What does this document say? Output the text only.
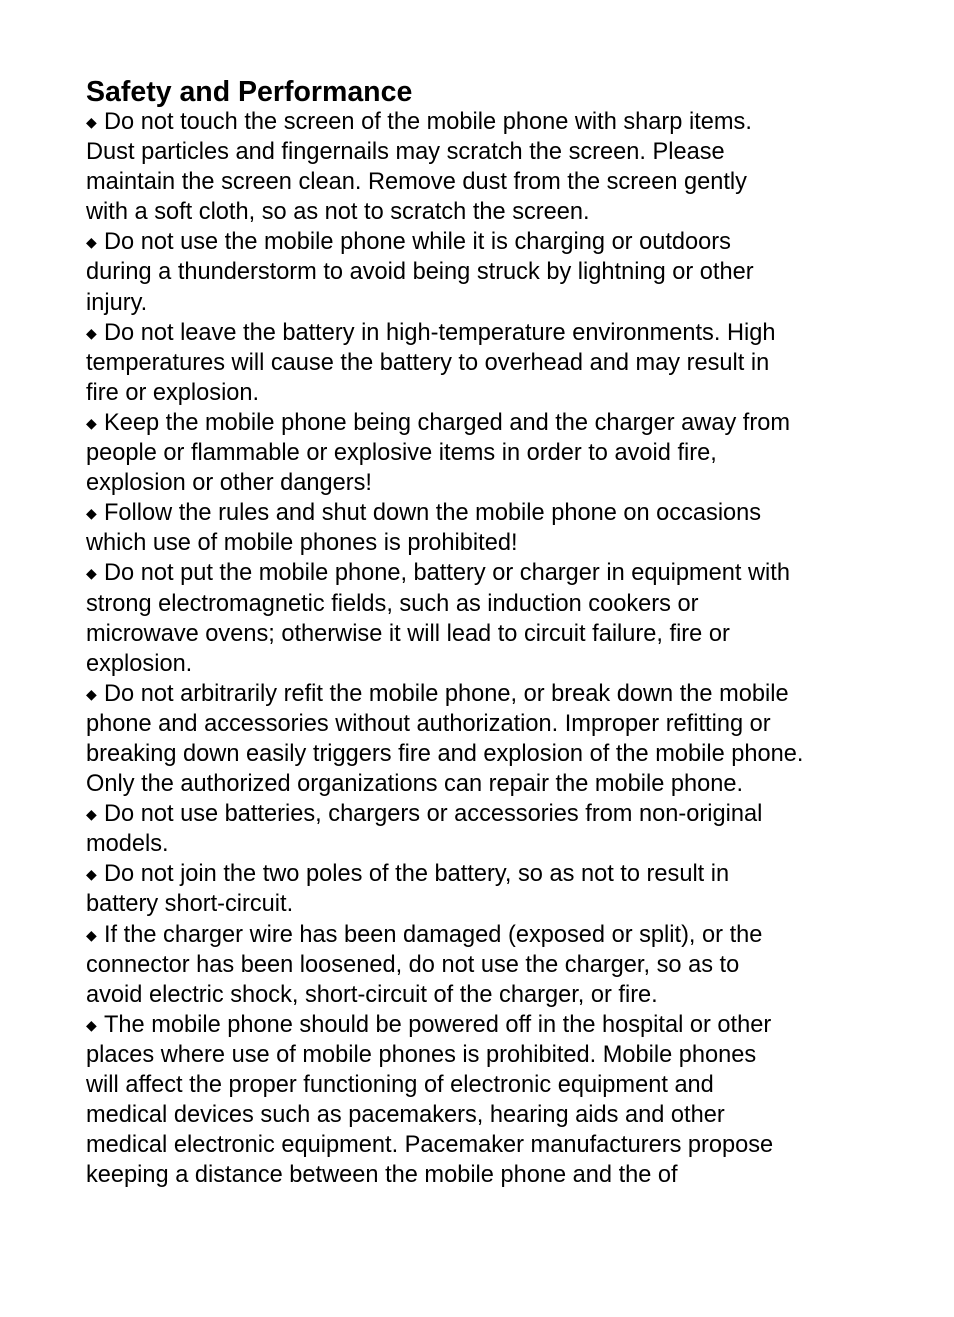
Safety and Performance

◆ Do not touch the screen of the mobile phone with sharp items.
Dust particles and fingernails may scratch the screen. Please
maintain the screen clean. Remove dust from the screen gently
with a soft cloth, so as not to scratch the screen.

◆ Do not use the mobile phone while it is charging or outdoors
during a thunderstorm to avoid being struck by lightning or other
injury.

◆ Do not leave the battery in high-temperature environments. High
temperatures will cause the battery to overhead and may result in
fire or explosion.

◆ Keep the mobile phone being charged and the charger away from
people or flammable or explosive items in order to avoid fire,
explosion or other dangers!

◆ Follow the rules and shut down the mobile phone on occasions
which use of mobile phones is prohibited!

◆ Do not put the mobile phone, battery or charger in equipment with
strong electromagnetic fields, such as induction cookers or
microwave ovens; otherwise it will lead to circuit failure, fire or
explosion.

◆ Do not arbitrarily refit the mobile phone, or break down the mobile
phone and accessories without authorization. Improper refitting or
breaking down easily triggers fire and explosion of the mobile phone.
Only the authorized organizations can repair the mobile phone.

◆ Do not use batteries, chargers or accessories from non-original
models.

◆ Do not join the two poles of the battery, so as not to result in
battery short-circuit.

◆ If the charger wire has been damaged (exposed or split), or the
connector has been loosened, do not use the charger, so as to
avoid electric shock, short-circuit of the charger, or fire.

◆ The mobile phone should be powered off in the hospital or other
places where use of mobile phones is prohibited. Mobile phones
will affect the proper functioning of electronic equipment and
medical devices such as pacemakers, hearing aids and other
medical electronic equipment. Pacemaker manufacturers propose
keeping a distance between the mobile phone and the of
